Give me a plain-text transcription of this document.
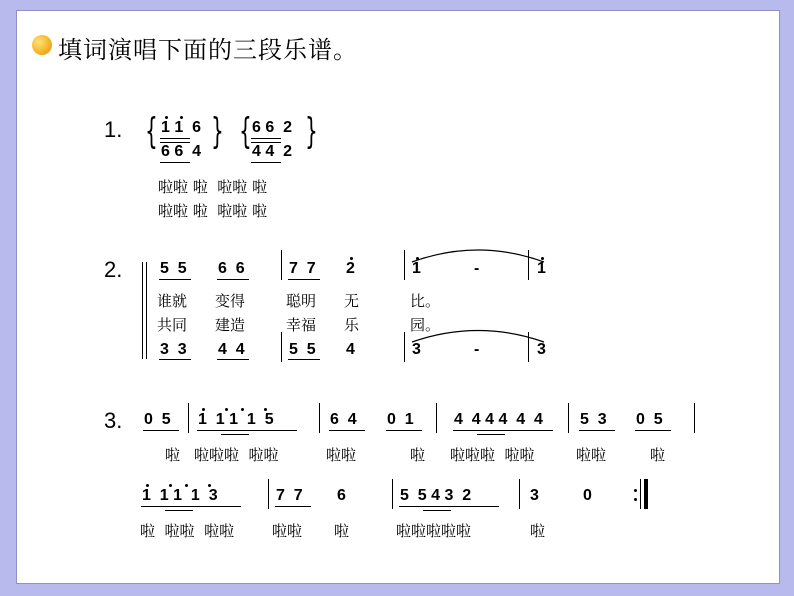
填词演唱下面的三段乐谱。
1. { } { }
1 1  6
6 6  4
6 6  2
4 4  2
啦啦 啦  啦啦 啦
啦啦 啦  啦啦 啦
2. 5  5 6  6	7  7 2	1	-	1
谁就 变得	聪明 无	比。
共同 建造	幸福 乐	园。
3  3 4  4	5  5 4	3	-	3
3. 0  5 1  1 1  1  5	6  4 0  1	4  4 4 4  4  4 5  3 0  5
啦 啦啦啦  啦啦	啦啦	啦 啦啦啦  啦啦	啦啦	啦
1  1 1  1  3	7  7 6	5  5 4 3  2	3	0
啦  啦啦  啦啦	啦啦 啦	啦啦啦啦啦	啦
